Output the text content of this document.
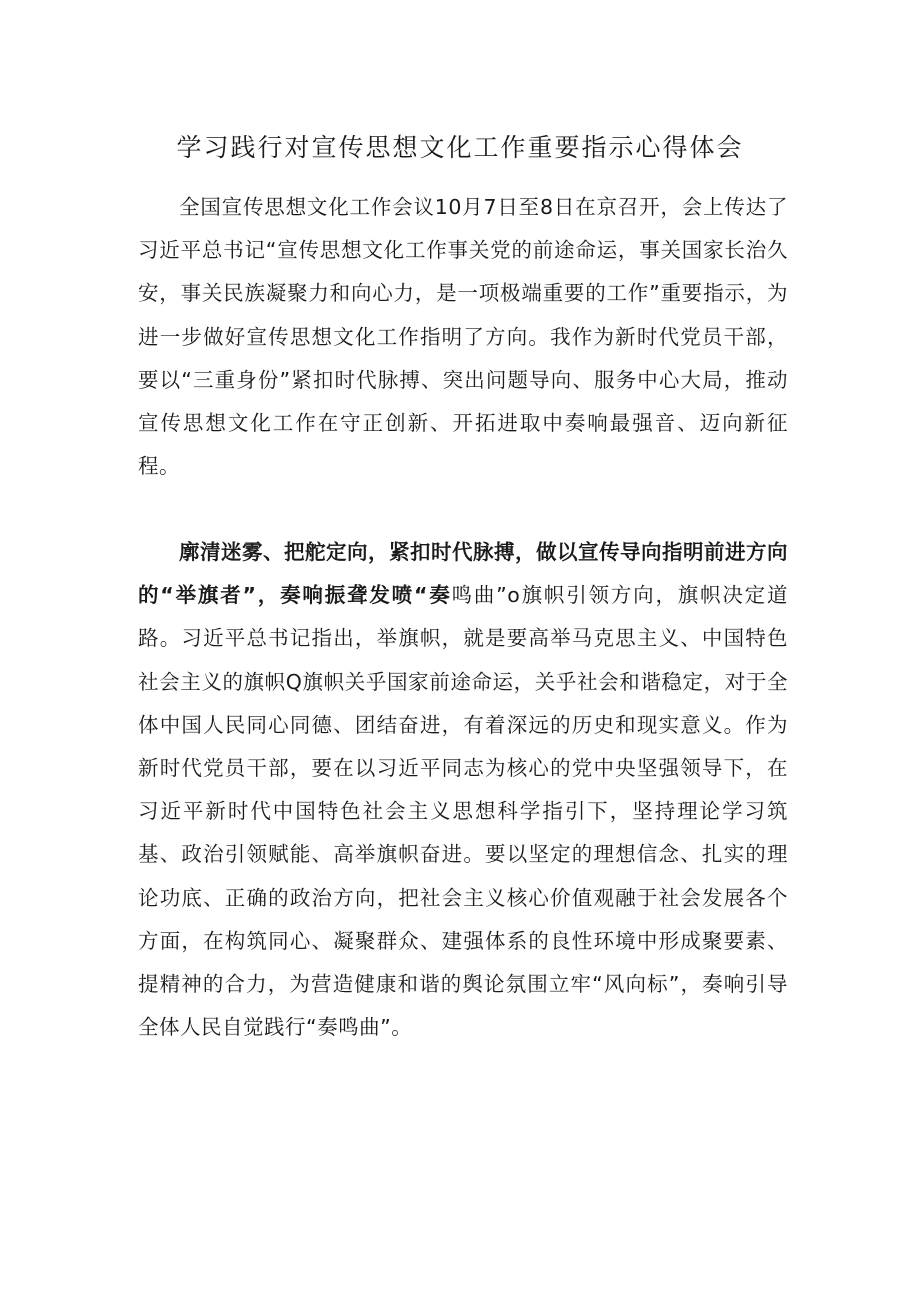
学习践行对宣传思想文化工作重要指示心得体会

全国宣传思想文化工作会议10月7日至8日在京召开，会上传达了习近平总书记“宣传思想文化工作事关党的前途命运，事关国家长治久安，事关民族凝聚力和向心力，是一项极端重要的工作”重要指示，为进一步做好宣传思想文化工作指明了方向。我作为新时代党员干部，要以“三重身份”紧扣时代脉搏、突出问题导向、服务中心大局，推动宣传思想文化工作在守正创新、开拓进取中奏响最强音、迈向新征程。

廓清迷雾、把舵定向，紧扣时代脉搏，做以宣传导向指明前进方向的“举旗者”，奏响振聋发喷“奏鸣曲”o旗帜引领方向，旗帜决定道路。习近平总书记指出，举旗帜，就是要高举马克思主义、中国特色社会主义的旗帜Q旗帜关乎国家前途命运，关乎社会和谐稳定，对于全体中国人民同心同德、团结奋进，有着深远的历史和现实意义。作为新时代党员干部，要在以习近平同志为核心的党中央坚强领导下，在习近平新时代中国特色社会主义思想科学指引下，坚持理论学习筑基、政治引领赋能、高举旗帜奋进。要以坚定的理想信念、扎实的理论功底、正确的政治方向，把社会主义核心价值观融于社会发展各个方面，在构筑同心、凝聚群众、建强体系的良性环境中形成聚要素、提精神的合力，为营造健康和谐的舆论氛围立牢“风向标”，奏响引导全体人民自觉践行“奏鸣曲”。
